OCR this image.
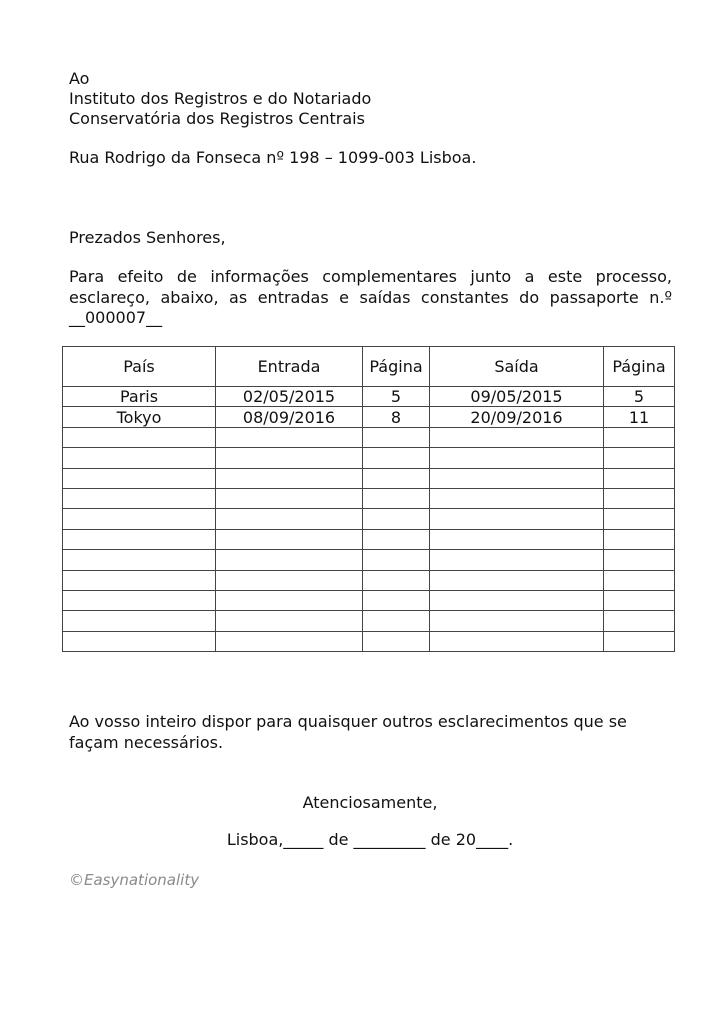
Ao
Instituto dos Registros e do Notariado
Conservatória dos Registros Centrais
Rua Rodrigo da Fonseca nº 198 – 1099-003 Lisboa.
Prezados Senhores,
Para efeito de informações complementares junto a este processo, esclareço, abaixo, as entradas e saídas constantes do passaporte n.º __000007__
País	Entrada	Página	Saída	Página
Paris	02/05/2015	5	09/05/2015	5
Tokyo	08/09/2016	8	20/09/2016	11

Ao vosso inteiro dispor para quaisquer outros esclarecimentos que se façam necessários.
Atenciosamente,
Lisboa,_____ de _________ de 20____.
©Easynationality
